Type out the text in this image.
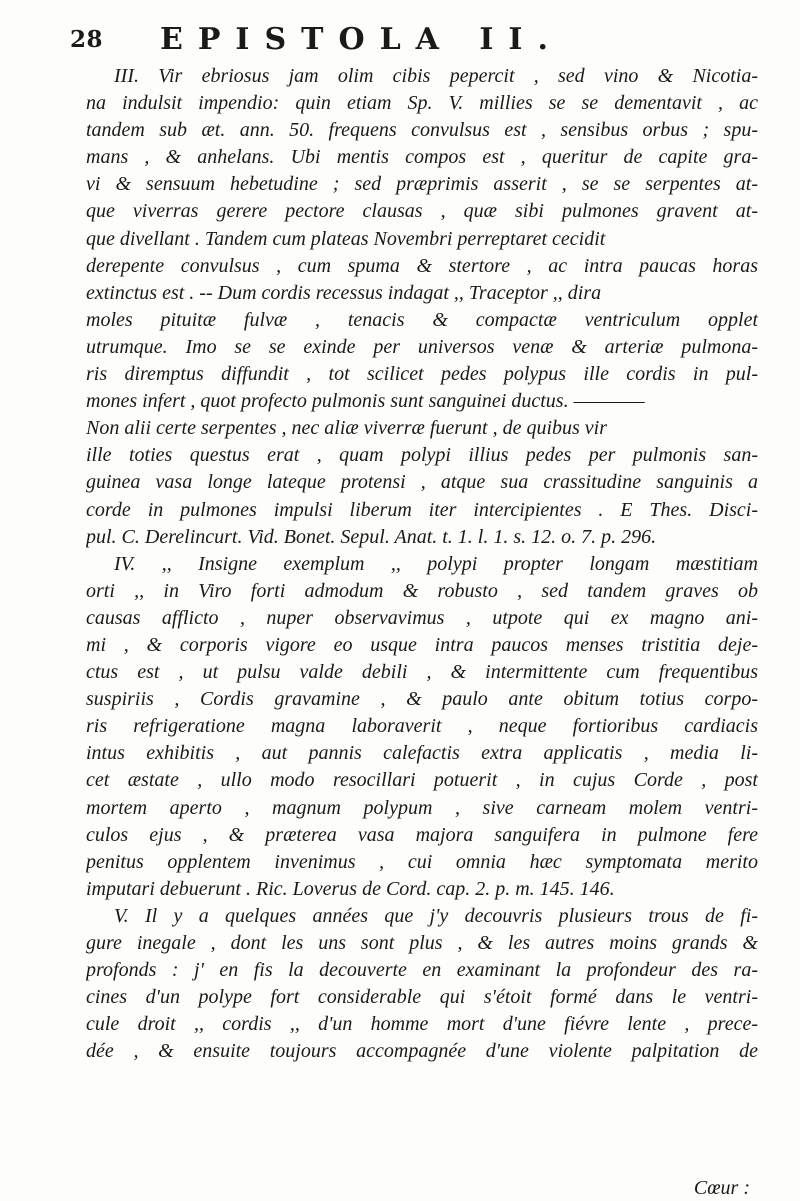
28 EPISTOLA II.
III. Vir ebriosus jam olim cibis pepercit , sed vino & Nicotia-
na indulsit impendio: quin etiam Sp. V. millies se se dementavit , ac
tandem sub æt. ann. 50. frequens convulsus est , sensibus orbus ; spu-
mans , & anhelans. Ubi mentis compos est , queritur de capite gra-
vi & sensuum hebetudine ; sed præprimis asserit , se se serpentes at-
que viverras gerere pectore clausas , quæ sibi pulmones gravent at-
que divellant . Tandem cum plateas Novembri perreptaret cecidit
derepente convulsus , cum spuma & stertore , ac intra paucas horas
extinctus est . -- Dum cordis recessus indagat ,, Traceptor ,, dira
moles pituitæ fulvæ , tenacis & compactæ ventriculum opplet
utrumque. Imo se se exinde per universos venæ & arteriæ pulmona-
ris diremptus diffundit , tot scilicet pedes polypus ille cordis in pul-
mones infert , quot profecto pulmonis sunt sanguinei ductus. ————
Non alii certe serpentes , nec aliæ viverræ fuerunt , de quibus vir
ille toties questus erat , quam polypi illius pedes per pulmonis san-
guinea vasa longe lateque protensi , atque sua crassitudine sanguinis a
corde in pulmones impulsi liberum iter intercipientes . E Thes. Disci-
pul. C. Derelincurt. Vid. Bonet. Sepul. Anat. t. 1. l. 1. s. 12. o. 7. p. 296.
IV. ,, Insigne exemplum ,, polypi propter longam mæstitiam
orti ,, in Viro forti admodum & robusto , sed tandem graves ob
causas afflicto , nuper observavimus , utpote qui ex magno ani-
mi , & corporis vigore eo usque intra paucos menses tristitia deje-
ctus est , ut pulsu valde debili , & intermittente cum frequentibus
suspiriis , Cordis gravamine , & paulo ante obitum totius corpo-
ris refrigeratione magna laboraverit , neque fortioribus cardiacis
intus exhibitis , aut pannis calefactis extra applicatis , media li-
cet æstate , ullo modo resocillari potuerit , in cujus Corde , post
mortem aperto , magnum polypum , sive carneam molem ventri-
culos ejus , & præterea vasa majora sanguifera in pulmone fere
penitus opplentem invenimus , cui omnia hæc symptomata merito
imputari debuerunt . Ric. Loverus de Cord. cap. 2. p. m. 145. 146.
V. Il y a quelques années que j'y decouvris plusieurs trous de fi-
gure inegale , dont les uns sont plus , & les autres moins grands &
profonds : j' en fis la decouverte en examinant la profondeur des ra-
cines d'un polype fort considerable qui s'étoit formé dans le ventri-
cule droit ,, cordis ,, d'un homme mort d'une fiévre lente , prece-
dée , & ensuite toujours accompagnée d'une violente palpitation de
Cœur :
